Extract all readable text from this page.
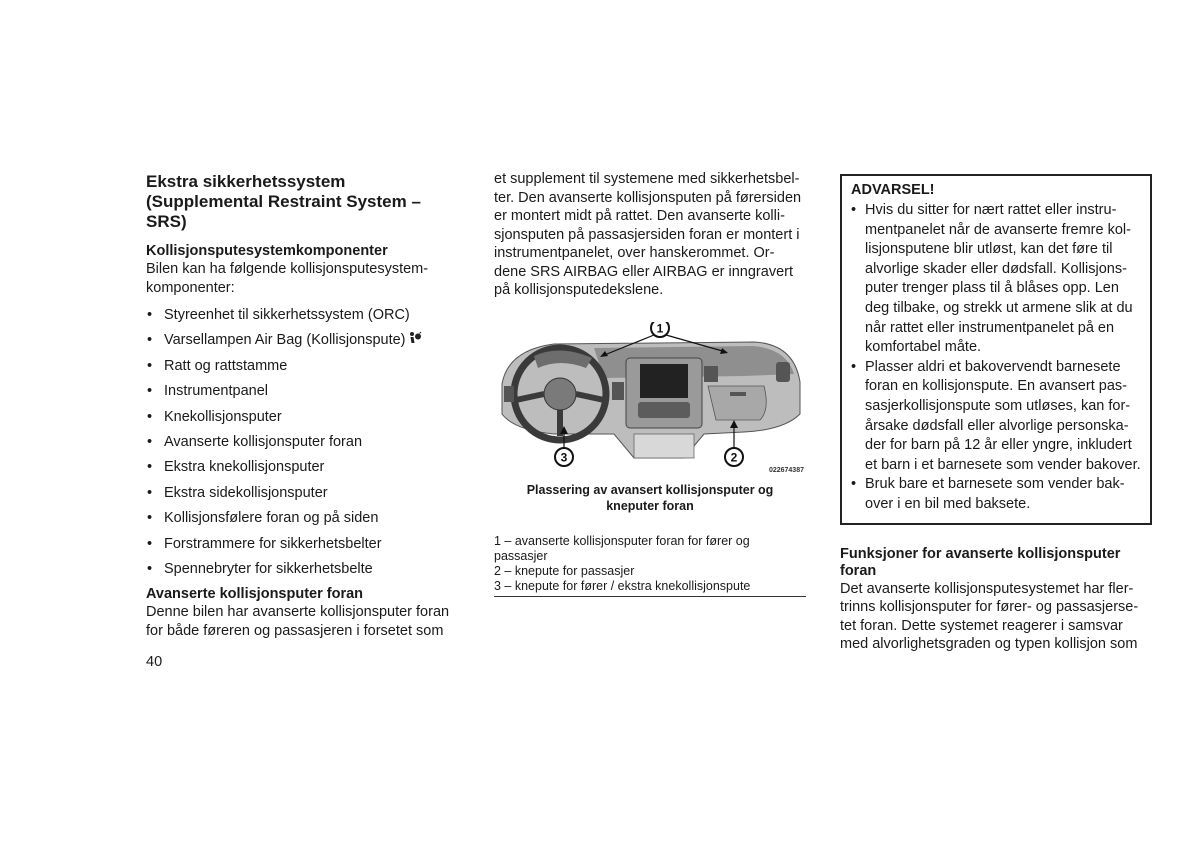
Ekstra sikkerhetssystem
(Supplemental Restraint System –
SRS)
Kollisjonsputesystemkomponenter

Bilen kan ha følgende kollisjonsputesystem-
komponenter:

• Styreenhet til sikkerhetssystem (ORC)
• Varsellampen Air Bag (Kollisjonspute)
• Ratt og rattstamme
• Instrumentpanel
• Knekollisjonsputer
• Avanserte kollisjonsputer foran
• Ekstra knekollisjonsputer
• Ekstra sidekollisjonsputer
• Kollisjonsfølere foran og på siden
• Forstrammere for sikkerhetsbelter
• Spennebryter for sikkerhetsbelte
Avanserte kollisjonsputer foran

Denne bilen har avanserte kollisjonsputer foran
for både føreren og passasjeren i forsetet som

et supplement til systemene med sikkerhetsbel-
ter. Den avanserte kollisjonsputen på førersiden
er montert midt på rattet. Den avanserte kolli-
sjonsputen på passasjersiden foran er montert i
instrumentpanelet, over hanskerommet. Or-
dene SRS AIRBAG eller AIRBAG er inngravert
på kollisjonsputedekslene.

1
2
3
022674387
Plassering av avansert kollisjonsputer og
kneputer foran
1 – avanserte kollisjonsputer foran for fører og
passasjer
2 – knepute for passasjer
3 – knepute for fører / ekstra knekollisjonspute
ADVARSEL!
• Hvis du sitter for nært rattet eller instru-
mentpanelet når de avanserte fremre kol-
lisjonsputene blir utløst, kan det føre til
alvorlige skader eller dødsfall. Kollisjons-
puter trenger plass til å blåses opp. Len
deg tilbake, og strekk ut armene slik at du
når rattet eller instrumentpanelet på en
komfortabel måte.
• Plasser aldri et bakovervendt barnesete
foran en kollisjonspute. En avansert pas-
sasjerkollisjonspute som utløses, kan for-
årsake dødsfall eller alvorlige personska-
der for barn på 12 år eller yngre, inkludert
et barn i et barnesete som vender bakover.
• Bruk bare et barnesete som vender bak-
over i en bil med baksete.
Funksjoner for avanserte kollisjonsputer
foran

Det avanserte kollisjonsputesystemet har fler-
trinns kollisjonsputer for fører- og passasjerse-
tet foran. Dette systemet reagerer i samsvar
med alvorlighetsgraden og typen kollisjon som

40
